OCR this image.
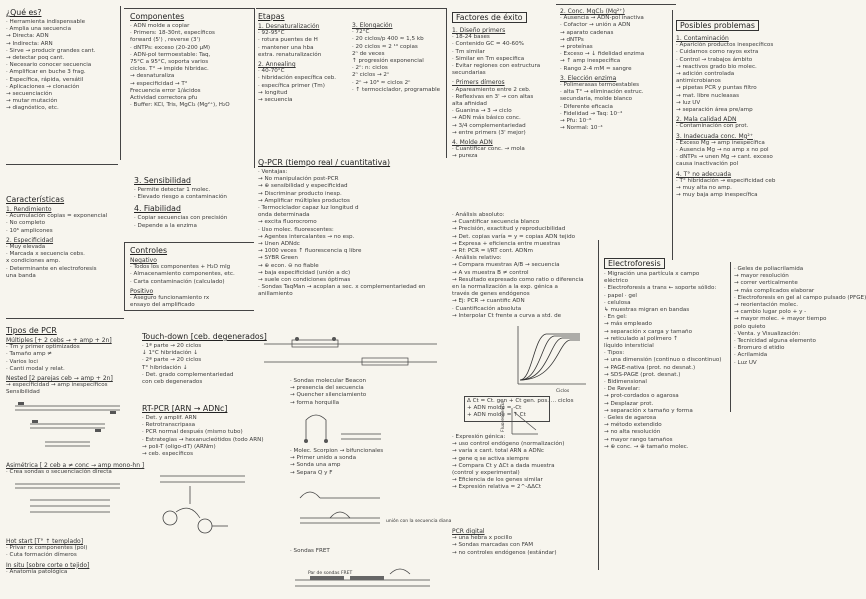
¿Qué es?
· Herramienta indispensable
· Amplia una secuencia
→ Directa: ADN
→ Indirecta: ARN
· Sirve → producir grandes cant.
→ detectar poq cant.
· Necesario conocer secuencia
· Amplificar en buche 3 frag.
· Específica, rápida, versátil
· Aplicaciones → clonación
→ secuenciación
→ mutar mutación
→ diagnóstico, etc.
Características
1. Rendimiento
· Acumulación copias = exponencial
· No completo
· 10⁶ amplicones
2. Especificidad
· Muy elevada
· Marcada x secuencia cebs.
x condiciones amp.
· Determinante en electroforesis
una banda
Tipos de PCR
Múltiples [+ 2 cebs → + amp + 2n]
· Tm y primer optimizados
· Tamaño amp ≠
· Varios loci
· Canti modal y relat.
Nested [2 parejas ceb → amp + 2n]
→ especificidad → amp inespecíficos
Sensibilidad
Asimétrica [ 2 ceb a ≠ conc → amp mono-hn ]
· Crea sondas o secuenciación directa
Hot start [T° ↑ templado]
· Privar rx componentes (pol)
· Cuta formación dímeros
In situ [sobre corte o tejido]
· Anatomía patológica
Componentes
· ADN molde a copiar
· Primers: 18-30nt, específicos
forward (5') , reverse (3')
· dNTPs: exceso (20-200 μM)
· ADN-pol termoestable: Taq,
75°C a 95°C, soporta varios
ciclos. T° → impide hibridac.
→ desnaturaliza
→ especificidad → T°
Frecuencia error 1/ácidos
Actividad correctora pfu
· Buffer: KCl, Tris, MgCl₂ (Mg²⁺), H₂O
3. Sensibilidad
· Permite detectar 1 molec.
· Elevado riesgo a contaminación
4. Fiabilidad
· Copiar secuencias con precisión
· Depende a la enzima
Controles
Negativo
· Todos los componentes + H₂O mlg
· Almacenamiento componentes, etc.
· Carta contaminación (calculado)
Positivo
· Aseguro funcionamiento rx
ensayo del amplificado
Touch-down [ceb. degenerados]
· 1ª parte → 20 ciclos
↓ 1°C hibridación ↓
· 2ª parte → 20 ciclos
T° hibridación ↓
· Det. grado complementariedad
con ceb degenerados
RT-PCR [ARN → ADNc]
· Det. y amplif. ARN
· Retrotranscripasa
· PCR normal después (mismo tubo)
· Estrategias → hexanucleótidos (todo ARN)
→ poli-T (oligo-dT) (ARNm)
→ ceb. específicos
Etapas
1. Desnaturalización
· 92-95°C
· rotura puentes de H
· mantener una hba
extra. renaturalización
2. Annealing
· 40-70°C
· hibridación específica ceb.
· específica primer (Tm)
→ longitud
→ secuencia
3. Elongación
· 72°C
· 20 ciclos/p 400 ≈ 1,5 kb
· 20 ciclos ≈ 2 ¹⁰ copias
2ⁿ de veces
↑ progresión exponencial
· 2ⁿ: n: ciclos
2ⁿ ciclos → 2ⁿ
· 2ⁿ → 10⁶ ≈ ciclos 2ⁿ
· ↑ termociclador, programable
Q-PCR (tiempo real / cuantitativa)
· Ventajas:
→ No manipulación post-PCR
→ ⊕ sensibilidad y especificidad
→ Discriminar producto inesp.
→ Amplificar múltiples productos
· Termociclador capaz luz longitud d
onda determinada
→ excita fluorocromo
· Uso molec. fluorescentes:
→ Agentes intercalantes → no esp.
→ Unen ADNdc
→ 1000 veces ↑ fluorescencia q libre
→ SYBR Green
→ ⊕ econ. ⊖ no fiable
→ baja especificidad (unión a dc)
→ suele con condiciones óptimas
· Sondas TaqMan → acoplan a sec. x complementariedad en anillamiento
· Sondas molecular Beacon
→ presencia del secuencia
→ Quencher silenciamiento
→ forma horquilla
· Molec. Scorpion → bifuncionales
→ Primer unido a sonda
→ Sonda una amp
→ Separa Q y F
unión con la secuencia diana
· Sondas FRET
Par de sondas FRET
Factores de éxito
1. Diseño primers
· 18-24 bases
· Contenido GC = 40-60%
· Tm similar
· Similar en Tm especifica
· Evitar regiones con estructura
secundarias
· Primers dímeros
· Apareamiento entre 2 ceb.
· Reflexivas en 3' → con altas
alta afinidad
· Guanina → 3 → ciclo
→ ADN más básico conc.
→ 3/4 complementariedad
→ entre primers (3' mejor)
4. Molde ADN
· Cuantificar conc. → mola
→ pureza
· Análisis absoluto:
→ Cuantificar secuencia blanco
→ Precisión, exactitud y reproducibilidad
→ Det. copias varía = y = copias ADN tejido
→ Expresa + eficiencia entre muestras
→ Rf: PCR = I/RT cont. ADNm
· Análisis relativo:
→ Compara muestras A/B → secuencia
→ A vs muestra B ≠ control
→ Resultado expresado como ratio o diferencia
en la normalización a la exp. génica a
través de genes endógenos
→ Ej: PCR → cuantific ADN
· Cuantificación absoluta
→ Interpolar Ct frente a curva a std. de
Ciclos
Fluorescencia
Δ Ct = Ct. gen + Ct gen. pos. ... ciclos
+ ADN molde = -Ct
+ ADN molde = ↑ Ct
· Expresión génica:
→ uso control endógeno (normalización)
→ varía x cant. total ARN a ADNc
→ gene q se activa siempre
→ Compara Ct y ΔCt a dada muestra
(control y experimental)
→ Eficiencia de los genes similar
→ Expresión relativa = 2^-ΔΔCt
PCR digital
→ una hebra x pocillo
→ Sondas marcadas con FAM
→ no controles endógenos (estándar)
2. Conc. MgCl₂ (Mg²⁺)
· Ausencia → ADN-pol inactiva
· Cofactor → unión a ADN
→ aparato cadenas
→ dNTPs
→ proteínas
· Exceso → ↓ fidelidad enzima
→ ↑ amp inespecífica
· Rango 2-4 mM ≈ sangre
3. Elección enzima
· Polimerasas termoestables
· alta T° → eliminación estruc.
secundaria, molde blanco
· Diferente eficacia
· Fidelidad → Taq: 10⁻⁴
→ Pfu: 10⁻⁶
→ Normal: 10⁻⁴
Posibles problemas
1. Contaminación
· Aparición productos inespecíficos
· Cuidarnos como rayos extra
· Control → trabajos ámbito
→ reactivos grado bio molec.
→ adición controlada
antimicrobianos
→ pipetas PCR y puntas filtro
→ mat. libre nucleasas
→ luz UV
→ separación área pre/amp
2. Mala calidad ADN
· Contaminación con prot.
3. Inadecuada conc. Mg²⁺
· Exceso Mg → amp inespecífica
· Ausencia Mg → no amp x no pol
· dNTPs → unen Mg → cant. exceso
causa inactivación pol
4. T° no adecuada
· T° hibridación → especificidad ceb
→ muy alta no amp.
→ muy baja amp inespecífica
Electroforesis
· Migración una partícula x campo
eléctrico
· Electroforesis a trans ← soporte sólido:
· papel · gel
· celulosa
↳ muestras migran en bandas
· En gel:
→ más empleado
→ separación x carga y tamaño
→ reticulado al polímero ↑
líquido intersticial
· Tipos:
→ una dimensión (continuo o discontinuo)
→ PAGE-nativa (prot. no desnat.)
→ SDS-PAGE (prot. desnat.)
· Bidimensional
· De Revelar:
→ prot-cordados o agarosa
→ Desplazar prot.
→ separación x tamaño y forma
· Geles de agarosa
→ método extendido
→ no alta resolución
→ mayor rango tamaños
→ ⊕ conc. → ⊕ tamaño molec.
· Geles de poliacrilamida
→ mayor resolución
→ correr verticalmente
→ más complicados elaborar
· Electroforesis en gel al campo pulsado (PFGE)
→ reorientación molec.
→ cambio lugar polo + y -
→ mayor molec. + mayor tiempo
polo quieto
· Venta. y Visualización:
· Tecnicidad alguna elemento
· Bromuro d etidio
· Acrilamida
· Luz UV
